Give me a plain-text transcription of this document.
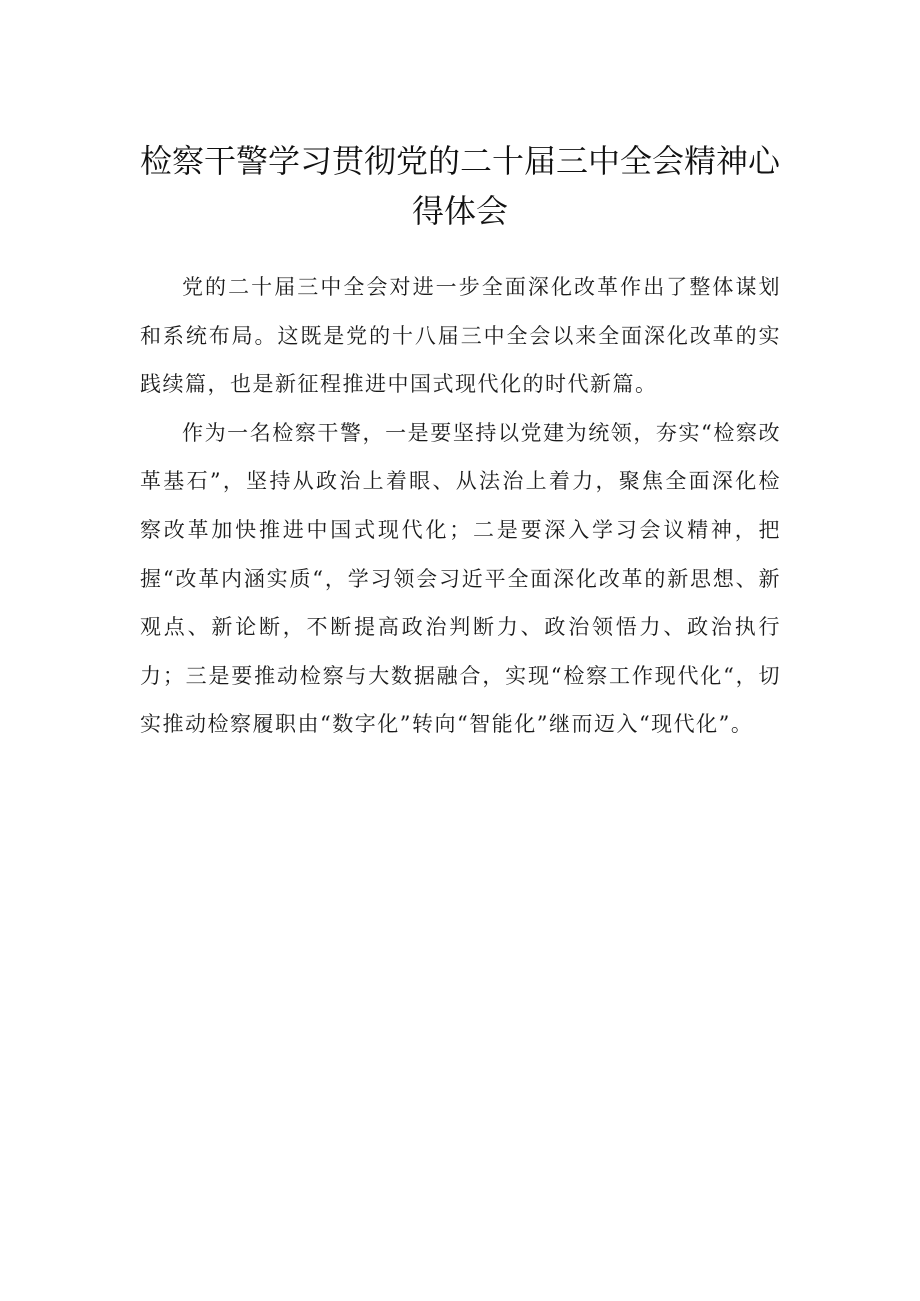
检察干警学习贯彻党的二十届三中全会精神心得体会

党的二十届三中全会对进一步全面深化改革作出了整体谋划和系统布局。这既是党的十八届三中全会以来全面深化改革的实践续篇，也是新征程推进中国式现代化的时代新篇。

作为一名检察干警，一是要坚持以党建为统领，夯实“检察改革基石”，坚持从政治上着眼、从法治上着力，聚焦全面深化检察改革加快推进中国式现代化；二是要深入学习会议精神，把握“改革内涵实质“，学习领会习近平全面深化改革的新思想、新观点、新论断，不断提高政治判断力、政治领悟力、政治执行力；三是要推动检察与大数据融合，实现“检察工作现代化“，切实推动检察履职由“数字化”转向“智能化”继而迈入“现代化”。
